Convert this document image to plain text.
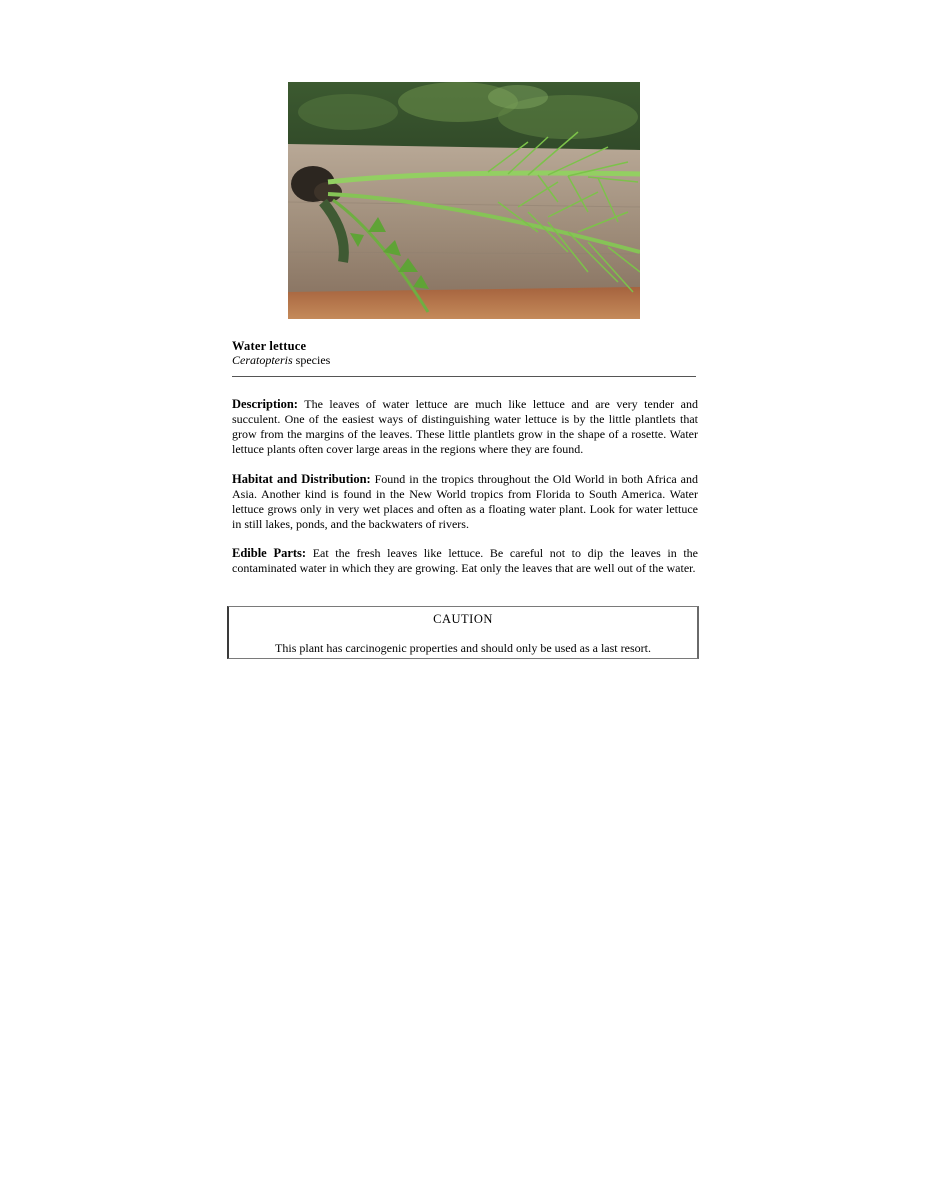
Water lettuce
Ceratopteris species
Description: The leaves of water lettuce are much like lettuce and are very tender and succulent. One of the easiest ways of distinguishing water lettuce is by the little plantlets that grow from the margins of the leaves. These little plantlets grow in the shape of a rosette. Water lettuce plants often cover large areas in the regions where they are found.
Habitat and Distribution: Found in the tropics throughout the Old World in both Africa and Asia. Another kind is found in the New World tropics from Florida to South America. Water lettuce grows only in very wet places and often as a floating water plant. Look for water lettuce in still lakes, ponds, and the backwaters of rivers.
Edible Parts: Eat the fresh leaves like lettuce. Be careful not to dip the leaves in the contaminated water in which they are growing. Eat only the leaves that are well out of the water.
CAUTION
This plant has carcinogenic properties and should only be used as a last resort.
